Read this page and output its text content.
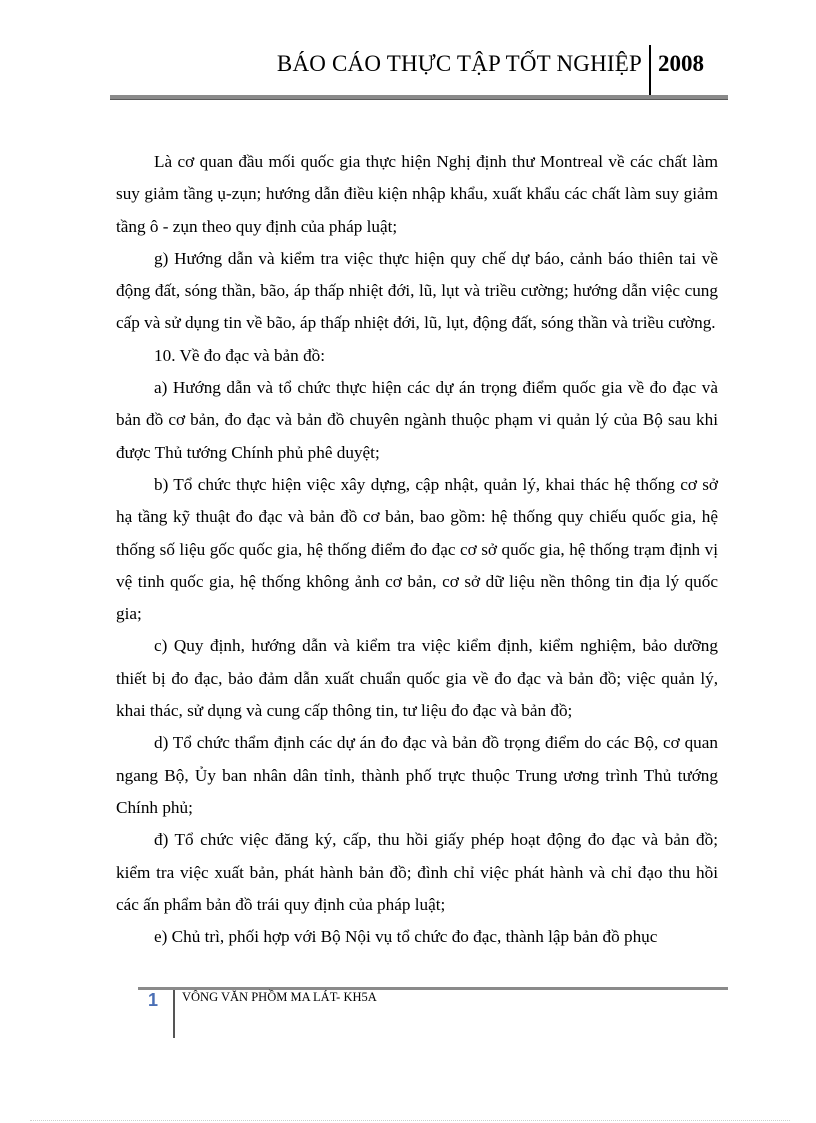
BÁO CÁO THỰC TẬP TỐT NGHIỆP 2008

Là cơ quan đầu mối quốc gia thực hiện Nghị định thư Montreal về các chất làm suy giảm tầng ụ-zụn; hướng dẫn điều kiện nhập khẩu, xuất khẩu các chất làm suy giảm tầng ô - zụn theo quy định của pháp luật;

g) Hướng dẫn và kiểm tra việc thực hiện quy chế dự báo, cảnh báo thiên tai về động đất, sóng thần, bão, áp thấp nhiệt đới, lũ, lụt và triều cường; hướng dẫn việc cung cấp và sử dụng tin về bão, áp thấp nhiệt đới, lũ, lụt, động đất, sóng thần và triều cường.

10. Về đo đạc và bản đồ:

a) Hướng dẫn và tổ chức thực hiện các dự án trọng điểm quốc gia về đo đạc và bản đồ cơ bản, đo đạc và bản đồ chuyên ngành thuộc phạm vi quản lý của Bộ sau khi được Thủ tướng Chính phủ phê duyệt;

b) Tổ chức thực hiện việc xây dựng, cập nhật, quản lý, khai thác hệ thống cơ sở hạ tầng kỹ thuật đo đạc và bản đồ cơ bản, bao gồm: hệ thống quy chiếu quốc gia, hệ thống số liệu gốc quốc gia, hệ thống điểm đo đạc cơ sở quốc gia, hệ thống trạm định vị vệ tinh quốc gia, hệ thống không ảnh cơ bản, cơ sở dữ liệu nền thông tin địa lý quốc gia;

c) Quy định, hướng dẫn và kiểm tra việc kiểm định, kiểm nghiệm, bảo dưỡng thiết bị đo đạc, bảo đảm dẫn xuất chuẩn quốc gia về đo đạc và bản đồ; việc quản lý, khai thác, sử dụng và cung cấp thông tin, tư liệu đo đạc và bản đồ;

d) Tổ chức thẩm định các dự án đo đạc và bản đồ trọng điểm do các Bộ, cơ quan ngang Bộ, Ủy ban nhân dân tỉnh, thành phố trực thuộc Trung ương trình Thủ tướng Chính phủ;

đ) Tổ chức việc đăng ký, cấp, thu hồi giấy phép hoạt động đo đạc và bản đồ; kiểm tra việc xuất bản, phát hành bản đồ; đình chỉ việc phát hành và chỉ đạo thu hồi các ấn phẩm bản đồ trái quy định của pháp luật;

e) Chủ trì, phối hợp với Bộ Nội vụ tổ chức đo đạc, thành lập bản đồ phục

1 VÔNG VĂN PHỒM MA LÁT- KH5A
